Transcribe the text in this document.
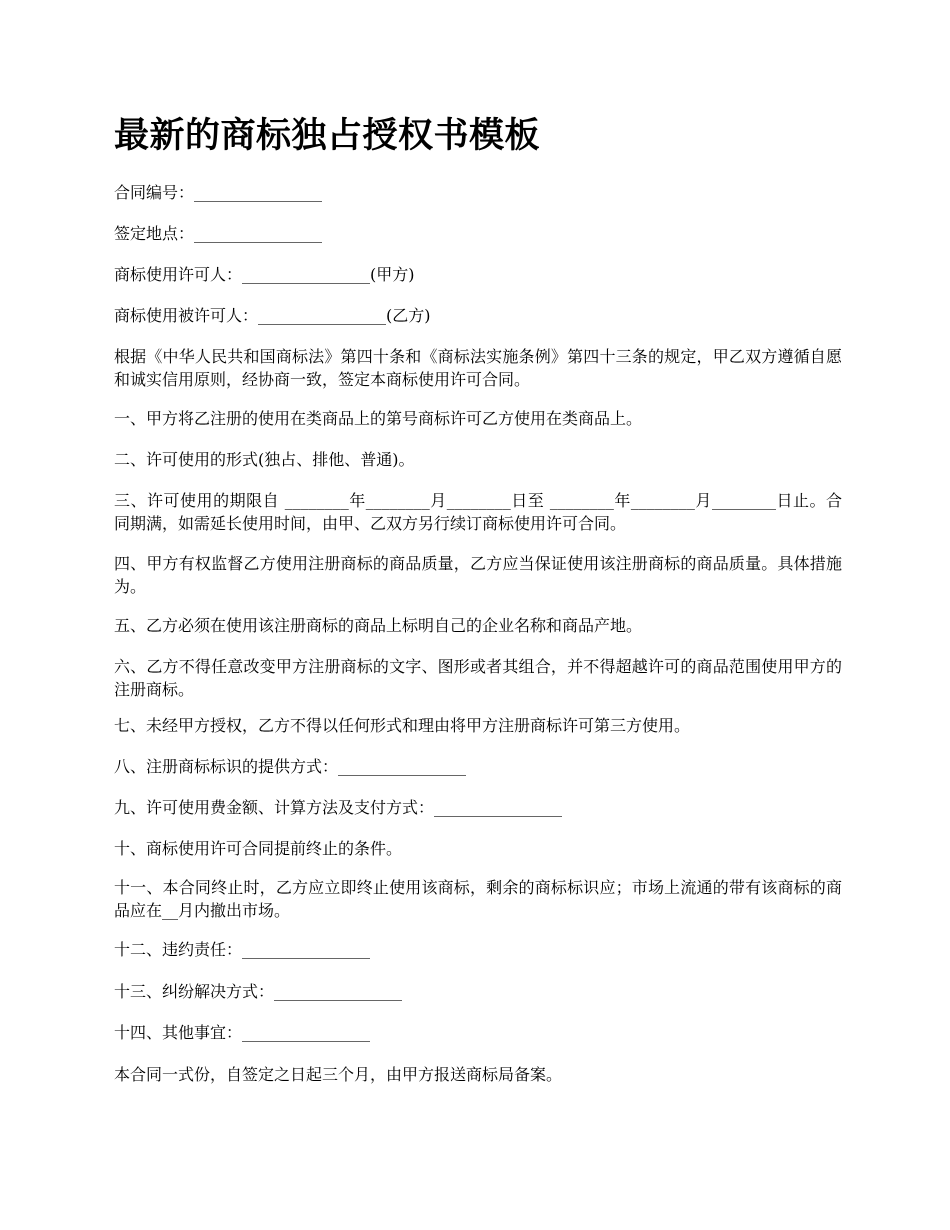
最新的商标独占授权书模板

合同编号：________________

签定地点：________________

商标使用许可人：________________(甲方)

商标使用被许可人：________________(乙方)

根据《中华人民共和国商标法》第四十条和《商标法实施条例》第四十三条的规定，甲乙双方遵循自愿和诚实信用原则，经协商一致，签定本商标使用许可合同。

一、甲方将乙注册的使用在类商品上的第号商标许可乙方使用在类商品上。

二、许可使用的形式(独占、排他、普通)。

三、许可使用的期限自 ________年________月________日至 ________年________月________日止。合同期满，如需延长使用时间，由甲、乙双方另行续订商标使用许可合同。

四、甲方有权监督乙方使用注册商标的商品质量，乙方应当保证使用该注册商标的商品质量。具体措施为。

五、乙方必须在使用该注册商标的商品上标明自己的企业名称和商品产地。

六、乙方不得任意改变甲方注册商标的文字、图形或者其组合，并不得超越许可的商品范围使用甲方的注册商标。

七、未经甲方授权，乙方不得以任何形式和理由将甲方注册商标许可第三方使用。

八、注册商标标识的提供方式：________________

九、许可使用费金额、计算方法及支付方式：________________

十、商标使用许可合同提前终止的条件。

十一、本合同终止时，乙方应立即终止使用该商标，剩余的商标标识应；市场上流通的带有该商标的商品应在__月内撤出市场。

十二、违约责任：________________

十三、纠纷解决方式：________________

十四、其他事宜：________________

本合同一式份，自签定之日起三个月，由甲方报送商标局备案。
